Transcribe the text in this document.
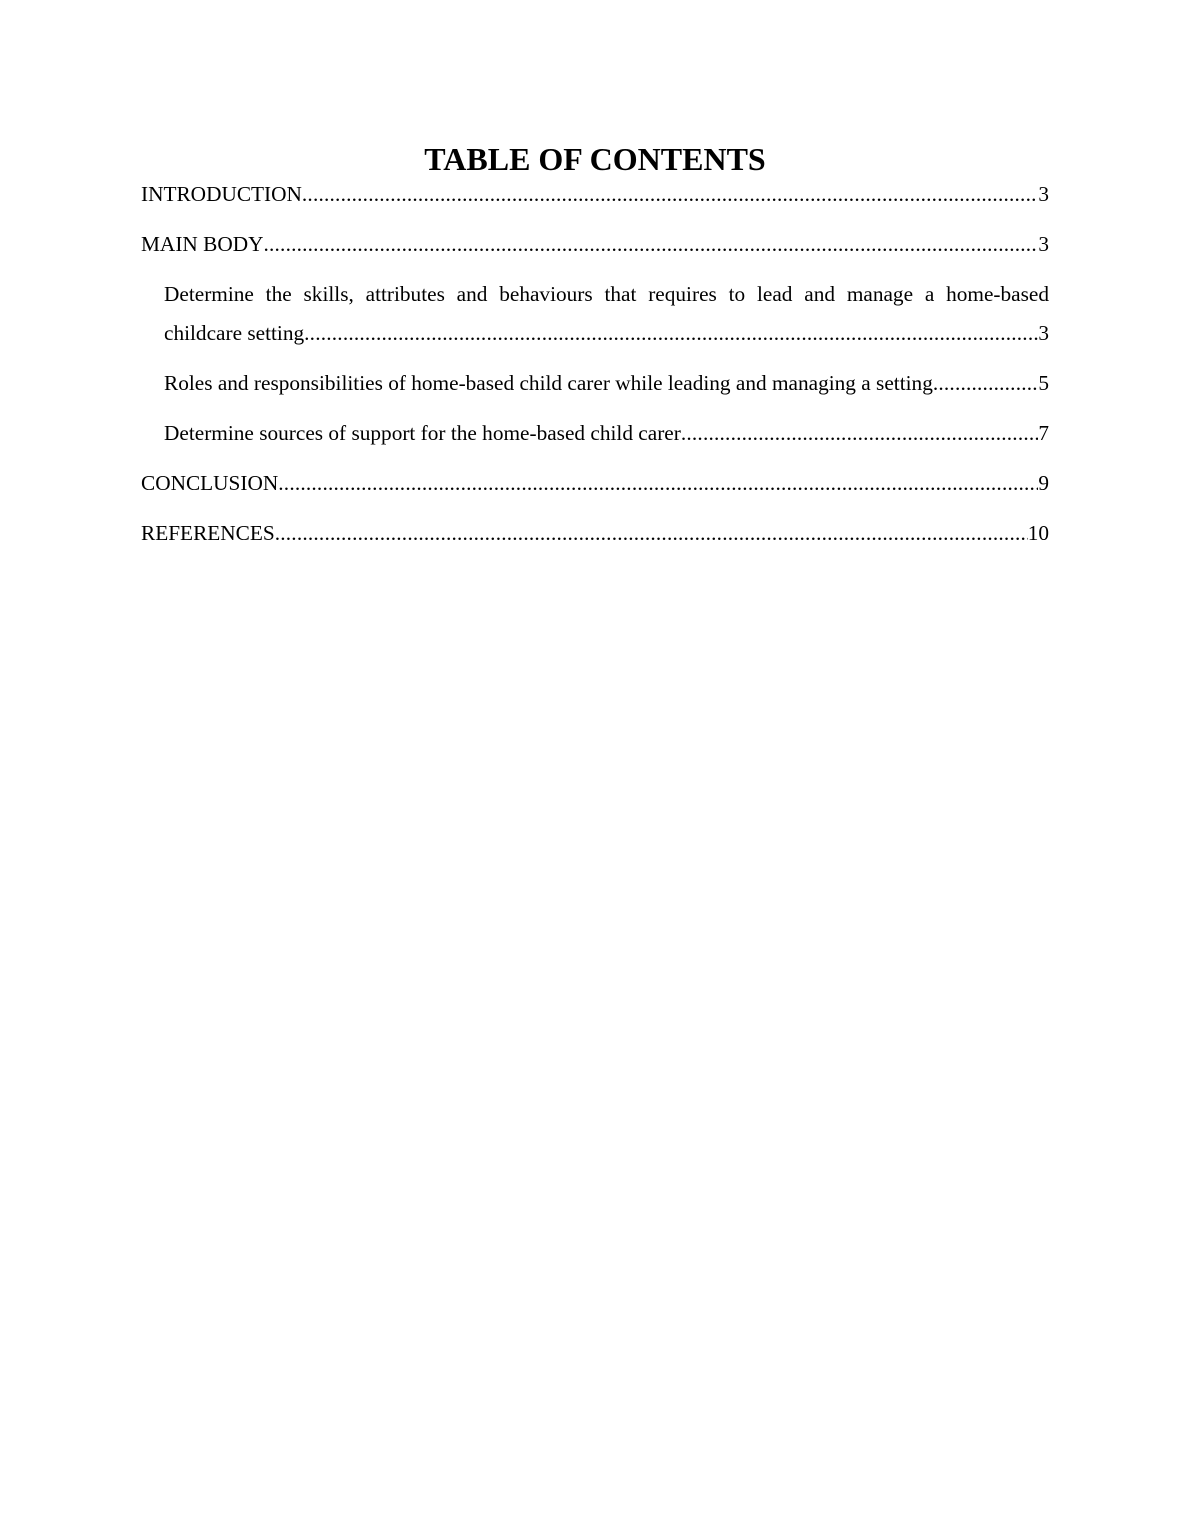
TABLE OF CONTENTS
INTRODUCTION .....	3
MAIN BODY .....	3
Determine the skills, attributes and behaviours that requires to lead and manage a home-based
childcare setting .....	3
Roles and responsibilities of home-based child carer while leading and managing a setting .....	5
Determine sources of support for the home-based child carer .....	7
CONCLUSION .....	9
REFERENCES .....	10
